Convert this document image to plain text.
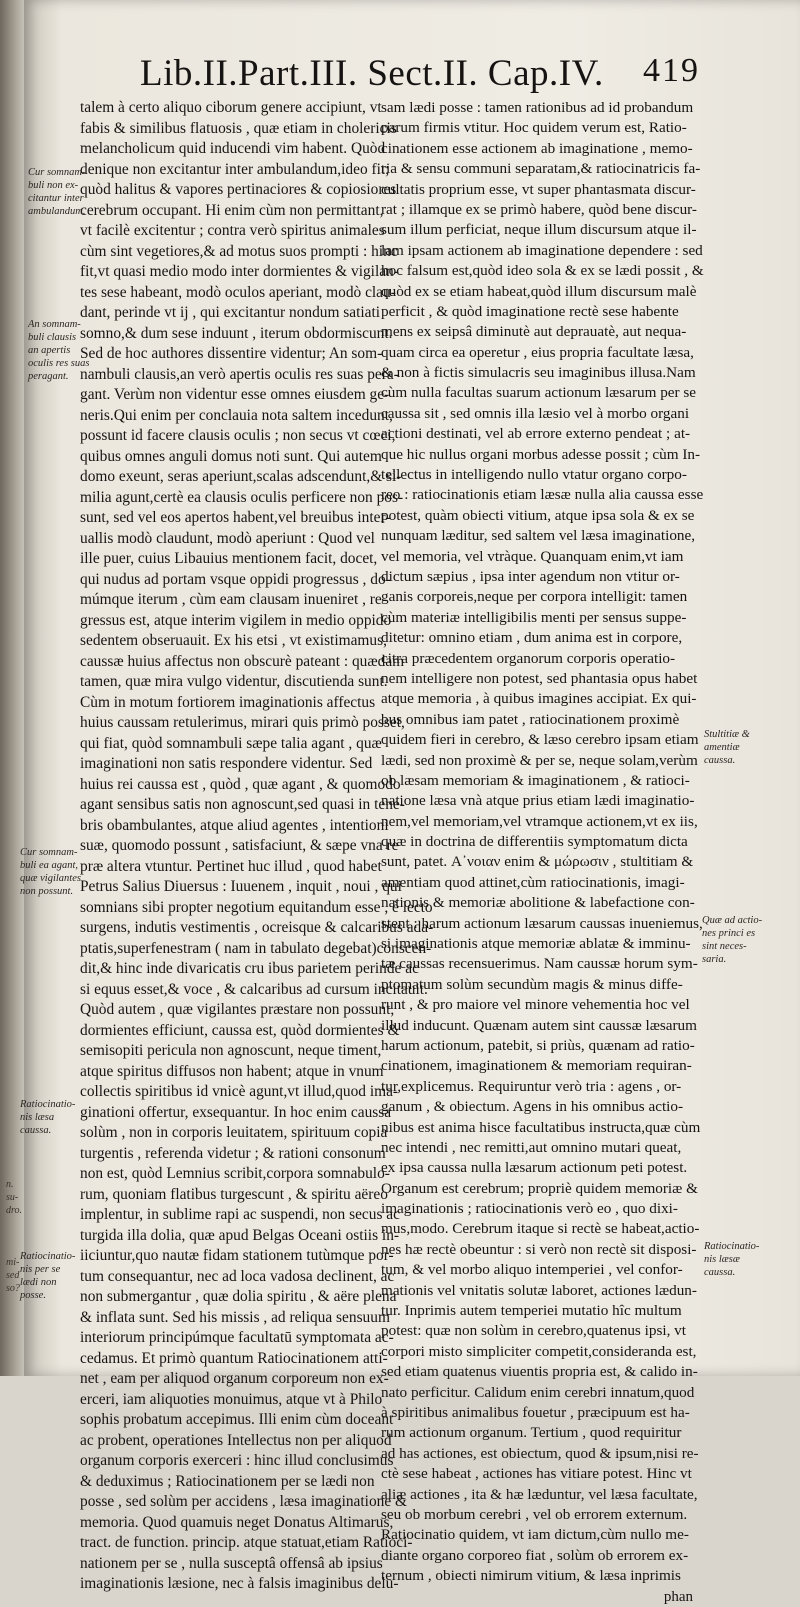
Lib.II.Part.III. Sect.II. Cap.IV. 419
talem à certo aliquo ciborum genere accipiunt, vt
fabis & similibus flatuosis , quæ etiam in cholericis
melancholicum quid inducendi vim habent. Quòd
denique non excitantur inter ambulandum,ideo fit;
quòd halitus & vapores pertinaciores & copiosiores
cerebrum occupant. Hi enim cùm non permittant,
vt facilè excitentur ; contra verò spiritus animales
cùm sint vegetiores,& ad motus suos prompti : hinc
fit,vt quasi medio modo inter dormientes & vigilan-
tes sese habeant, modò oculos aperiant, modò clau-
dant, perinde vt ij , qui excitantur nondum satiati
somno,& dum sese induunt , iterum obdormiscunt.
Sed de hoc authores dissentire videntur; An som-
nambuli clausis,an verò apertis oculis res suas pera-
gant. Verùm non videntur esse omnes eiusdem ge-
neris.Qui enim per conclauia nota saltem incedunt,
possunt id facere clausis oculis ; non secus vt cœci,
quibus omnes anguli domus noti sunt. Qui autem
domo exeunt, seras aperiunt,scalas adscendunt,& si-
milia agunt,certè ea clausis oculis perficere non pos-
sunt, sed vel eos apertos habent,vel breuibus inter-
uallis modò claudunt, modò aperiunt : Quod vel
ille puer, cuius Libauius mentionem facit, docet,
qui nudus ad portam vsque oppidi progressus , do-
múmque iterum , cùm eam clausam inueniret , re-
gressus est, atque interim vigilem in medio oppido
sedentem obseruauit. Ex his etsi , vt existimamus,
caussæ huius affectus non obscurè pateant : quædam
tamen, quæ mira vulgo videntur, discutienda sunt.
Cùm in motum fortiorem imaginationis affectus
huius caussam retulerimus, mirari quis primò posset,
qui fiat, quòd somnambuli sæpe talia agant , quæ
imaginationi non satis respondere videntur. Sed
huius rei caussa est , quòd , quæ agant , & quomodo
agant sensibus satis non agnoscunt,sed quasi in tene-
bris obambulantes, atque aliud agentes , intentioni
suæ, quomodo possunt , satisfaciunt, & sæpe vna re
præ altera vtuntur. Pertinet huc illud , quod habet
Petrus Salius Diuersus : Iuuenem , inquit , noui , qui
somnians sibi propter negotium equitandum esse , è lecto
surgens, indutis vestimentis , ocreisque & calcaribus ada-
ptatis,superfenestram ( nam in tabulato degebat)conscen-
dit,& hinc inde divaricatis cru ibus parietem perinde ac
si equus esset,& voce , & calcaribus ad cursum incitauit.
Quòd autem , quæ vigilantes præstare non possunt,
dormientes efficiunt, caussa est, quòd dormientes &
semisopiti pericula non agnoscunt, neque timent,
atque spiritus diffusos non habent; atque in vnum
collectis spiritibus id vnicè agunt,vt illud,quod ima-
ginationi offertur, exsequantur. In hoc enim caussa
solùm , non in corporis leuitatem, spirituum copia
turgentis , referenda videtur ; & rationi consonum
non est, quòd Lemnius scribit,corpora somnabulo-
rum, quoniam flatibus turgescunt , & spiritu aëreo
implentur, in sublime rapi ac suspendi, non secus ac
turgida illa dolia, quæ apud Belgas Oceani ostiis in-
iiciuntur,quo nautæ fidam stationem tutùmque por-
tum consequantur, nec ad loca vadosa declinent, ac
non submergantur , quæ dolia spiritu , & aëre plena
& inflata sunt. Sed his missis , ad reliqua sensuum
interiorum principúmque facultatū symptomata ac-
cedamus. Et primò quantum Ratiocinationem atti-
net , eam per aliquod organum corporeum non ex-
erceri, iam aliquoties monuimus, atque vt à Philo
sophis probatum accepimus. Illi enim cùm doceant
ac probent, operationes Intellectus non per aliquod
organum corporis exerceri : hinc illud conclusimus
& deduximus ; Ratiocinationem per se lædi non
posse , sed solùm per accidens , læsa imaginatione &
memoria. Quod quamuis neget Donatus Altimarus,
tract. de function. princip. atque statuat,etiam Ratioci-
nationem per se , nulla susceptâ offensâ ab ipsius
imaginationis læsione, nec à falsis imaginibus delu-
sam lædi posse : tamen rationibus ad id probandum
parum firmis vtitur. Hoc quidem verum est, Ratio-
cinationem esse actionem ab imaginatione , memo-
ria & sensu communi separatam,& ratiocinatricis fa-
cultatis proprium esse, vt super phantasmata discur-
rat ; illamque ex se primò habere, quòd bene discur-
sum illum perficiat, neque illum discursum atque il-
lam ipsam actionem ab imaginatione dependere : sed
hoc falsum est,quòd ideo sola & ex se lædi possit , &
quòd ex se etiam habeat,quòd illum discursum malè
perficit , & quòd imaginatione rectè sese habente
mens ex seipsâ diminutè aut deprauatè, aut nequa-
quam circa ea operetur , eius propria facultate læsa,
& non à fictis simulacris seu imaginibus illusa.Nam
cùm nulla facultas suarum actionum læsarum per se
caussa sit , sed omnis illa læsio vel à morbo organi
actioni destinati, vel ab errore externo pendeat ; at-
que hic nullus organi morbus adesse possit ; cùm In-
tellectus in intelligendo nullo vtatur organo corpo-
reo : ratiocinationis etiam læsæ nulla alia caussa esse
potest, quàm obiecti vitium, atque ipsa sola & ex se
nunquam læditur, sed saltem vel læsa imaginatione,
vel memoria, vel vtràque. Quanquam enim,vt iam
dictum sæpius , ipsa inter agendum non vtitur or-
ganis corporeis,neque per corpora intelligit: tamen
cùm materiæ intelligibilis menti per sensus suppe-
ditetur: omnino etiam , dum anima est in corpore,
citra præcedentem organorum corporis operatio-
nem intelligere non potest, sed phantasia opus habet
atque memoria , à quibus imagines accipiat. Ex qui-
bus omnibus iam patet , ratiocinationem proximè
quidem fieri in cerebro, & læso cerebro ipsam etiam
lædi, sed non proximè & per se, neque solam,verùm
ob læsam memoriam & imaginationem , & ratioci-
natione læsa vnà atque prius etiam lædi imaginatio-
nem,vel memoriam,vel vtramque actionem,vt ex iis,
quæ in doctrina de differentiis symptomatum dicta
sunt, patet. Α᾽νοιαν enim & μώρωσιν , stultitiam &
amentiam quod attinet,cùm ratiocinationis, imagi-
nationis & memoriæ abolitione & labefactione con-
stent : harum actionum læsarum caussas inueniemus,
si imaginationis atque memoriæ ablatæ & imminu-
tæ caussas recensuerimus. Nam caussæ horum sym-
ptomatum solùm secundùm magis & minus diffe-
runt , & pro maiore vel minore vehementia hoc vel
illud inducunt. Quænam autem sint caussæ læsarum
harum actionum, patebit, si priùs, quænam ad ratio-
cinationem, imaginationem & memoriam requiran-
tur,explicemus. Requiruntur verò tria : agens , or-
ganum , & obiectum. Agens in his omnibus actio-
nibus est anima hisce facultatibus instructa,quæ cùm
nec intendi , nec remitti,aut omnino mutari queat,
ex ipsa caussa nulla læsarum actionum peti potest.
Organum est cerebrum; propriè quidem memoriæ &
imaginationis ; ratiocinationis verò eo , quo dixi-
mus,modo. Cerebrum itaque si rectè se habeat,actio-
nes hæ rectè obeuntur : si verò non rectè sit disposi-
tum, & vel morbo aliquo intemperiei , vel confor-
mationis vel vnitatis solutæ laboret, actiones lædun-
tur. Inprimis autem temperiei mutatio hîc multum
potest: quæ non solùm in cerebro,quatenus ipsi, vt
corpori misto simpliciter competit,consideranda est,
sed etiam quatenus viuentis propria est, & calido in-
nato perficitur. Calidum enim cerebri innatum,quod
à spiritibus animalibus fouetur , præcipuum est ha-
rum actionum organum. Tertium , quod requiritur
ad has actiones, est obiectum, quod & ipsum,nisi re-
ctè sese habeat , actiones has vitiare potest. Hinc vt
aliæ actiones , ita & hæ læduntur, vel læsa facultate,
seu ob morbum cerebri , vel ob errorem externum.
Ratiocinatio quidem, vt iam dictum,cùm nullo me-
diante organo corporeo fiat , solùm ob errorem ex-
ternum , obiecti nimirum vitium, & læsa inprimis
phan
Cur somnam-
buli non ex-
citantur inter
ambulandum.
An somnam-
buli clausis
an apertis
oculis res suas
peragant.
Cur somnam-
buli ea agant,
quæ vigilantes
non possunt.
Ratiocinatio-
nis læsa
caussa.
Ratiocinatio-
nis per se
lædi non
posse.
Stultitiæ &
amentiæ
caussa.
Quæ ad actio-
nes princi es
sint neces-
saria.
Ratiocinatio-
nis læsæ
caussa.
n.
su-
dro.
mi-
sed
so?
